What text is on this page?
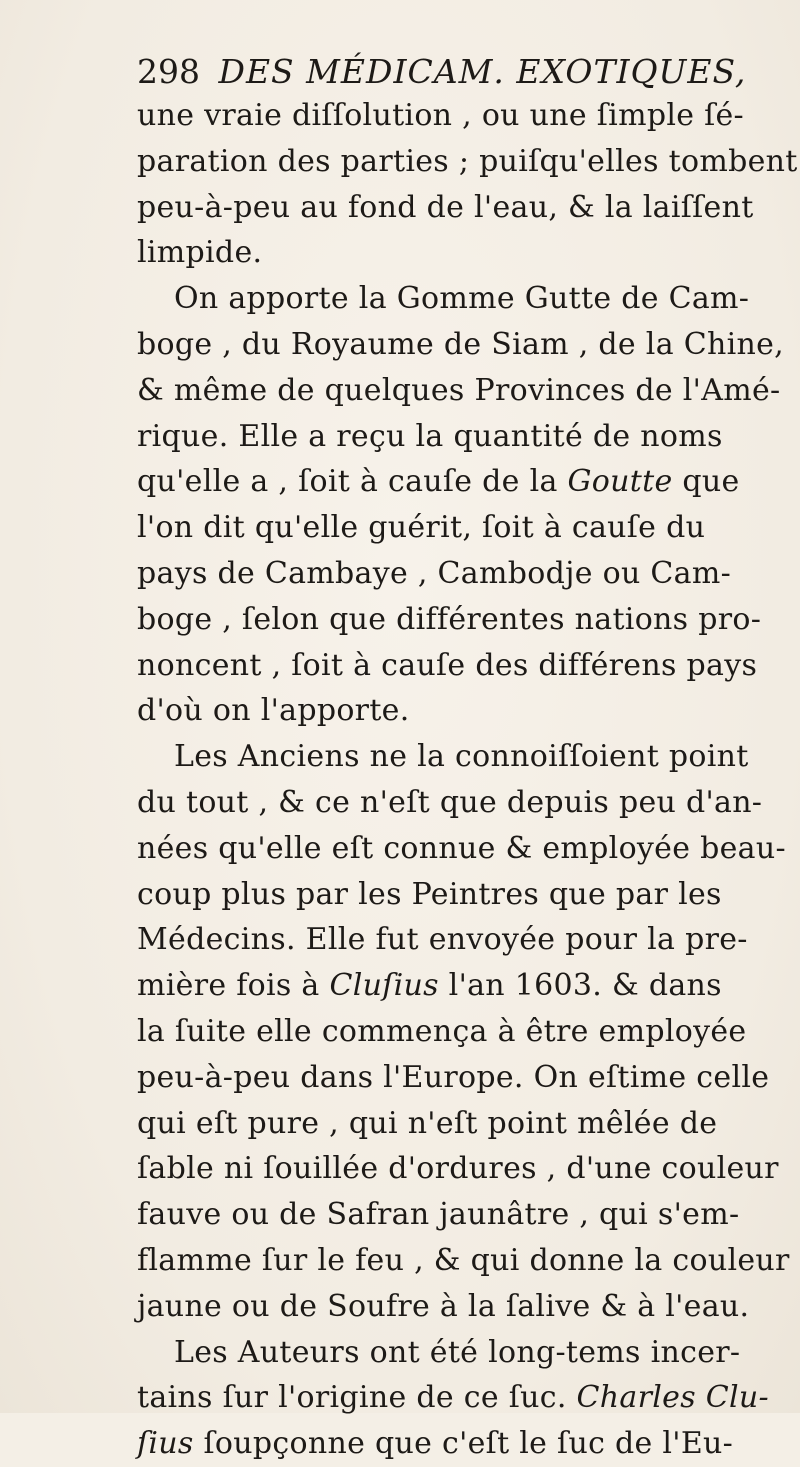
298 DES MÉDICAM. EXOTIQUES,
une vraie diſſolution , ou une ſimple ſé-
paration des parties ; puiſqu'elles tombent
peu-à-peu au fond de l'eau, & la laiſſent
limpide.
On apporte la Gomme Gutte de Cam-
boge , du Royaume de Siam , de la Chine,
& même de quelques Provinces de l'Amé-
rique. Elle a reçu la quantité de noms
qu'elle a , ſoit à cauſe de la Goutte que
l'on dit qu'elle guérit, ſoit à cauſe du
pays de Cambaye , Cambodje ou Cam-
boge , ſelon que différentes nations pro-
noncent , ſoit à cauſe des différens pays
d'où on l'apporte.
Les Anciens ne la connoiſſoient point
du tout , & ce n'eſt que depuis peu d'an-
nées qu'elle eſt connue & employée beau-
coup plus par les Peintres que par les
Médecins. Elle fut envoyée pour la pre-
mière fois à Cluſius l'an 1603. & dans
la ſuite elle commença à être employée
peu-à-peu dans l'Europe. On eſtime celle
qui eſt pure , qui n'eſt point mêlée de
ſable ni ſouillée d'ordures , d'une couleur
fauve ou de Safran jaunâtre , qui s'em-
flamme ſur le feu , & qui donne la couleur
jaune ou de Soufre à la ſalive & à l'eau.
Les Auteurs ont été long-tems incer-
tains ſur l'origine de ce ſuc. Charles Clu-
ſius ſoupçonne que c'eſt le ſuc de l'Eu-
